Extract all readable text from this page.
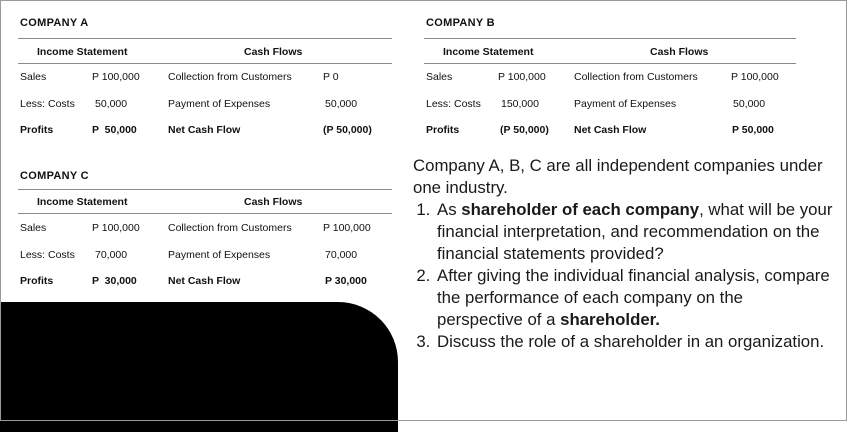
COMPANY A
Income Statement	Cash Flows
Sales	P 100,000	Collection from Customers	P 0
Less: Costs 50,000	Payment of Expenses	50,000
Profits	P  50,000	Net Cash Flow	(P 50,000)
COMPANY B
Income Statement	Cash Flows
Sales	P 100,000	Collection from Customers	P 100,000
Less: Costs 150,000	Payment of Expenses	50,000
Profits	(P 50,000) Net Cash Flow	P 50,000
COMPANY C
Income Statement	Cash Flows
Sales	P 100,000	Collection from Customers	P 100,000
Less: Costs 70,000	Payment of Expenses	70,000
Profits	P  30,000	Net Cash Flow	P 30,000

Company A, B, C are all independent companies under one industry.

1. As shareholder of each company, what will be your financial interpretation, and recommendation on the financial statements provided?
2. After giving the individual financial analysis, compare the performance of each company on the perspective of a shareholder.
3. Discuss the role of a shareholder in an organization.
